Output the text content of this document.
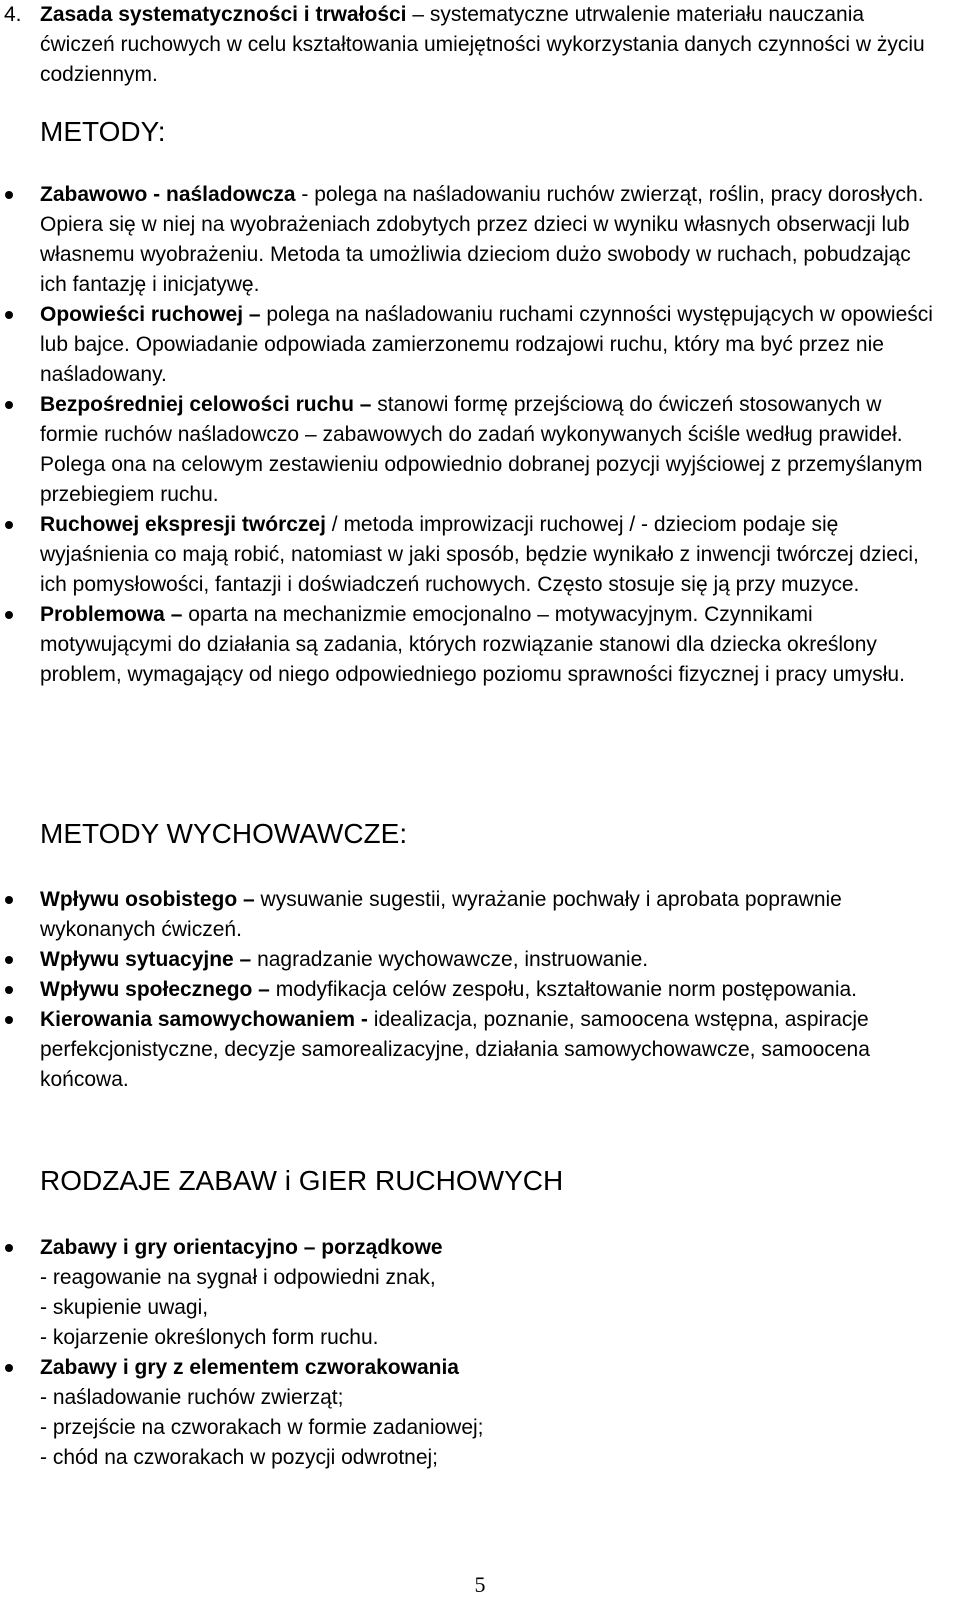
4. Zasada systematyczności i trwałości – systematyczne utrwalenie materiału nauczania ćwiczeń ruchowych w celu kształtowania umiejętności wykorzystania danych czynności w życiu codziennym.
METODY:
Zabawowo - naśladowcza - polega na naśladowaniu ruchów zwierząt, roślin, pracy dorosłych. Opiera się w niej na wyobrażeniach zdobytych przez dzieci w wyniku własnych obserwacji lub własnemu wyobrażeniu. Metoda ta umożliwia dzieciom dużo swobody w ruchach, pobudzając ich fantazję i inicjatywę.
Opowieści ruchowej – polega na naśladowaniu ruchami czynności występujących w opowieści lub bajce. Opowiadanie odpowiada zamierzonemu rodzajowi ruchu, który ma być przez nie naśladowany.
Bezpośredniej celowości ruchu – stanowi formę przejściową do ćwiczeń stosowanych w formie ruchów naśladowczo – zabawowych do zadań wykonywanych ściśle według prawideł. Polega ona na celowym zestawieniu odpowiednio dobranej pozycji wyjściowej z przemyślanym przebiegiem ruchu.
Ruchowej ekspresji twórczej / metoda improwizacji ruchowej / - dzieciom podaje się wyjaśnienia co mają robić, natomiast w jaki sposób, będzie wynikało z inwencji twórczej dzieci, ich pomysłowości, fantazji i doświadczeń ruchowych. Często stosuje się ją przy muzyce.
Problemowa – oparta na mechanizmie emocjonalno – motywacyjnym. Czynnikami motywującymi do działania są zadania, których rozwiązanie stanowi dla dziecka określony problem, wymagający od niego odpowiedniego poziomu sprawności fizycznej i pracy umysłu.
METODY WYCHOWAWCZE:
Wpływu osobistego – wysuwanie sugestii, wyrażanie pochwały i aprobata poprawnie wykonanych ćwiczeń.
Wpływu sytuacyjne – nagradzanie wychowawcze, instruowanie.
Wpływu społecznego – modyfikacja celów zespołu, kształtowanie norm postępowania.
Kierowania samowychowaniem - idealizacja, poznanie, samoocena wstępna, aspiracje perfekcjonistyczne, decyzje samorealizacyjne, działania samowychowawcze, samoocena końcowa.
RODZAJE ZABAW i GIER RUCHOWYCH
Zabawy i gry orientacyjno – porządkowe
- reagowanie na sygnał i odpowiedni znak,
- skupienie uwagi,
- kojarzenie określonych form ruchu.
Zabawy i gry z elementem czworakowania
- naśladowanie ruchów zwierząt;
- przejście na czworakach w formie zadaniowej;
- chód na czworakach w pozycji odwrotnej;
5
